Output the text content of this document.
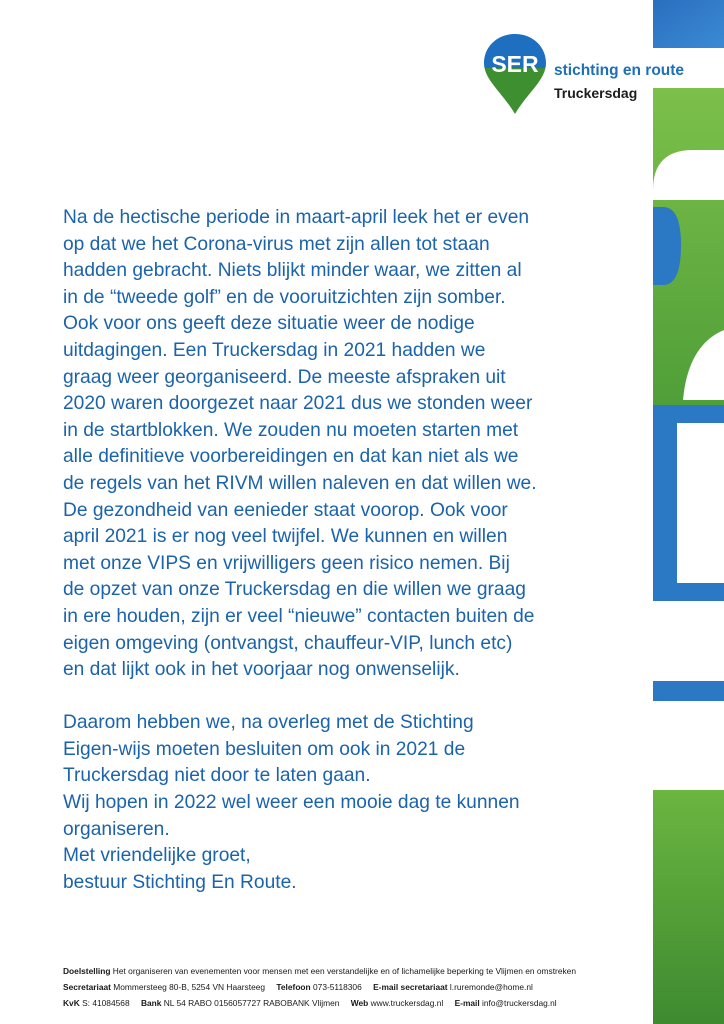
SER stichting en route
Truckersdag
Na de hectische periode in maart-april leek het er even
op dat we het Corona-virus met zijn allen tot staan
hadden gebracht. Niets blijkt minder waar, we zitten al
in de “tweede golf” en de vooruitzichten zijn somber.
Ook voor ons geeft deze situatie weer de nodige
uitdagingen. Een Truckersdag in 2021 hadden we
graag weer georganiseerd. De meeste afspraken uit
2020 waren doorgezet naar 2021 dus we stonden weer
in de startblokken. We zouden nu moeten starten met
alle definitieve voorbereidingen en dat kan niet als we
de regels van het RIVM willen naleven en dat willen we.
De gezondheid van eenieder staat voorop. Ook voor
april 2021 is er nog veel twijfel. We kunnen en willen
met onze VIPS en vrijwilligers geen risico nemen. Bij
de opzet van onze Truckersdag en die willen we graag
in ere houden, zijn er veel “nieuwe” contacten buiten de
eigen omgeving (ontvangst, chauffeur-VIP, lunch etc)
en dat lijkt ook in het voorjaar nog onwenselijk.
Daarom hebben we, na overleg met de Stichting
Eigen-wijs moeten besluiten om ook in 2021 de
Truckersdag niet door te laten gaan.
Wij hopen in 2022 wel weer een mooie dag te kunnen
organiseren.
Met vriendelijke groet,
bestuur Stichting En Route.
Doelstelling Het organiseren van evenementen voor mensen met een verstandelijke en of lichamelijke beperking te Vlijmen en omstreken
Secretariaat Mommersteeg 80-B, 5254 VN Haarsteeg Telefoon 073-5118306 E-mail secretariaat l.ruremonde@home.nl
KvK S: 41084568 Bank NL 54 RABO 0156057727 RABOBANK Vlijmen Web www.truckersdag.nl E-mail info@truckersdag.nl
